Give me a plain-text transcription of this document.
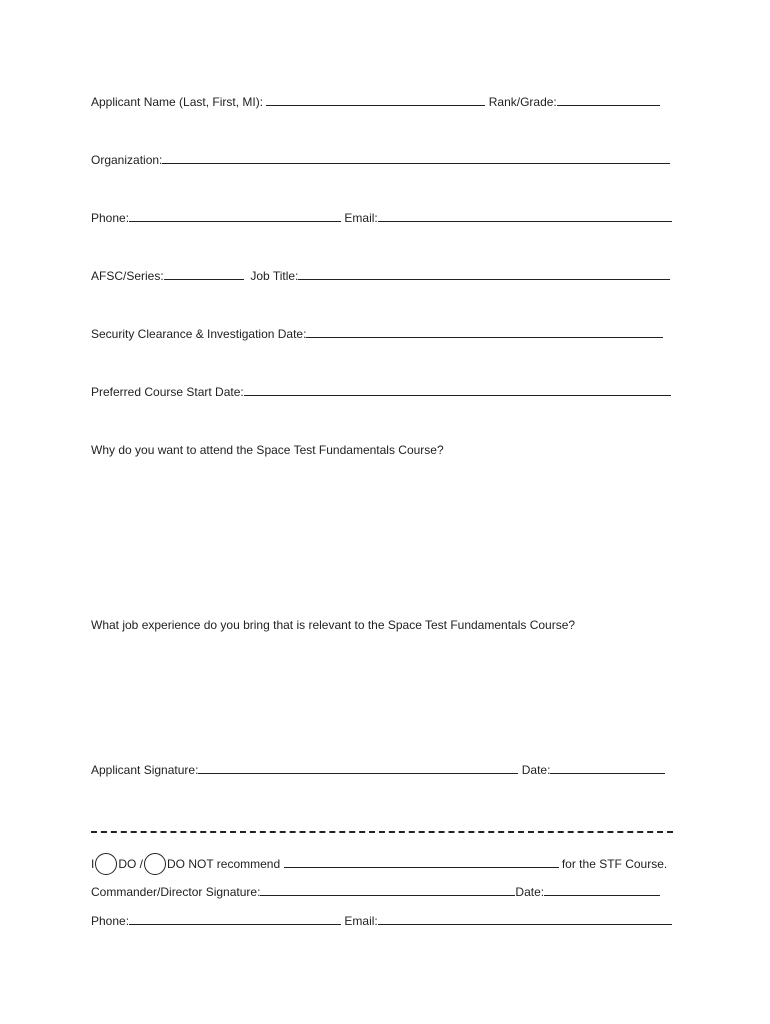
Applicant Name (Last, First, MI):	Rank/Grade:
Organization:
Phone:	Email:
AFSC/Series:	Job Title:
Security Clearance & Investigation Date:
Preferred Course Start Date:
Why do you want to attend the Space Test Fundamentals Course?
What job experience do you bring that is relevant to the Space Test Fundamentals Course?
Applicant Signature:	Date:
I DO / DO NOT recommend	for the STF Course.
Commander/Director Signature:	Date:
Phone:	Email:
